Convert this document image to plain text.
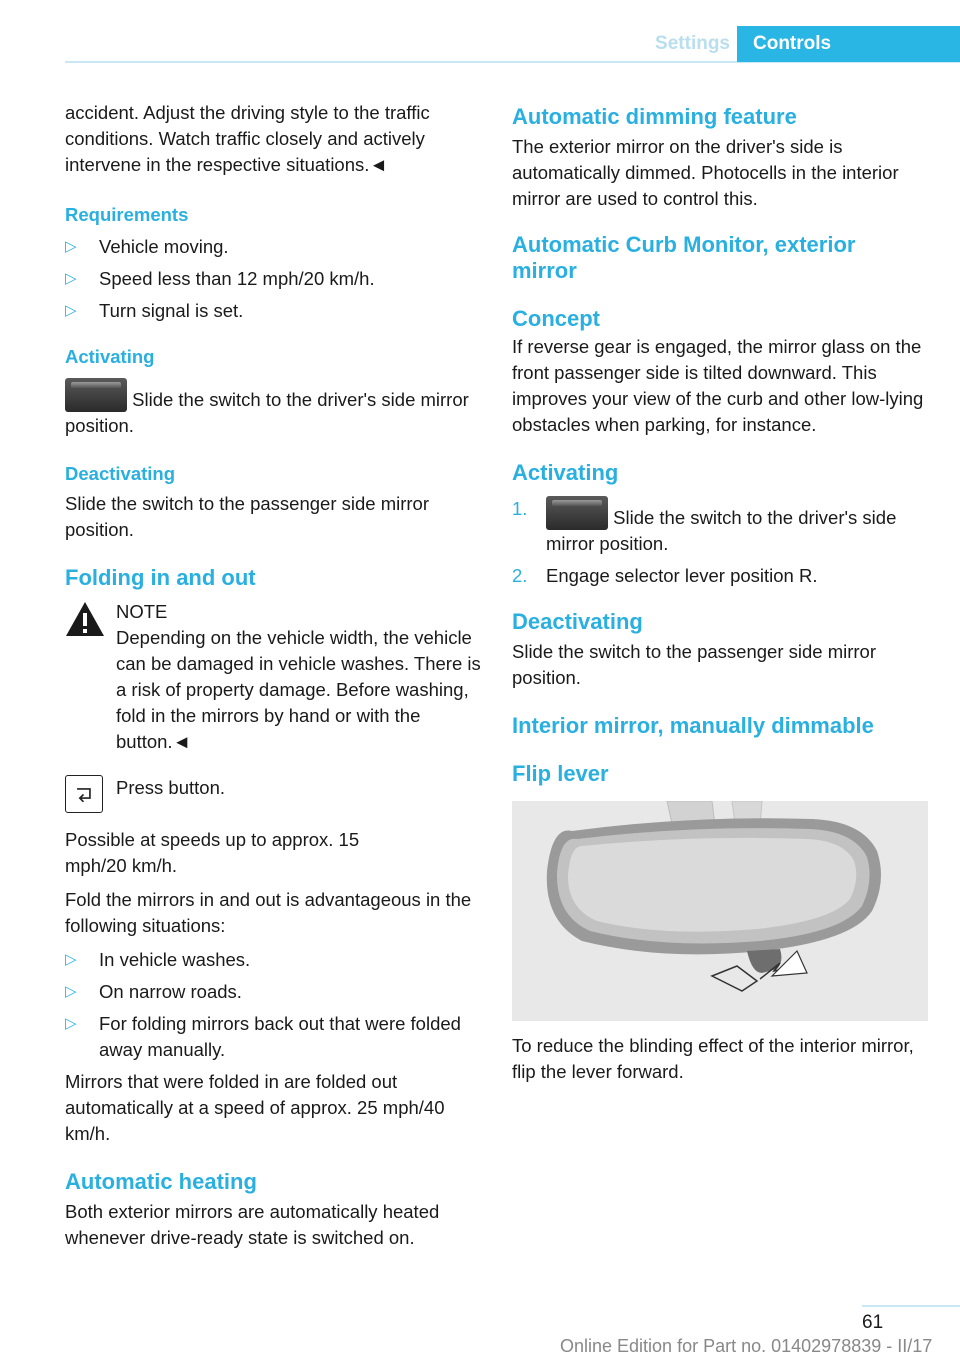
Settings	Controls

accident. Adjust the driving style to the traffic conditions. Watch traffic closely and actively intervene in the respective situations.◄

Requirements
▷ Vehicle moving.
▷ Speed less than 12 mph/20 km/h.
▷ Turn signal is set.
Activating

Slide the switch to the driver's side mirror position.

Deactivating

Slide the switch to the passenger side mirror position.

Folding in and out

NOTE

Depending on the vehicle width, the vehicle can be damaged in vehicle washes. There is a risk of property damage. Before washing, fold in the mirrors by hand or with the button.◄

Press button.

Possible at speeds up to approx. 15 mph/20 km/h.

Fold the mirrors in and out is advantageous in the following situations:

▷ In vehicle washes.
▷ On narrow roads.
▷ For folding mirrors back out that were folded away manually.

Mirrors that were folded in are folded out automatically at a speed of approx. 25 mph/40 km/h.

Automatic heating

Both exterior mirrors are automatically heated whenever drive-ready state is switched on.

Automatic dimming feature

The exterior mirror on the driver's side is automatically dimmed. Photocells in the interior mirror are used to control this.

Automatic Curb Monitor, exterior mirror
Concept

If reverse gear is engaged, the mirror glass on the front passenger side is tilted downward. This improves your view of the curb and other low-lying obstacles when parking, for instance.

Activating
1.	Slide the switch to the driver's side mirror position.
2. Engage selector lever position R.
Deactivating

Slide the switch to the passenger side mirror position.

Interior mirror, manually dimmable
Flip lever

To reduce the blinding effect of the interior mirror, flip the lever forward.

61
Online Edition for Part no. 01402978839 - II/17
